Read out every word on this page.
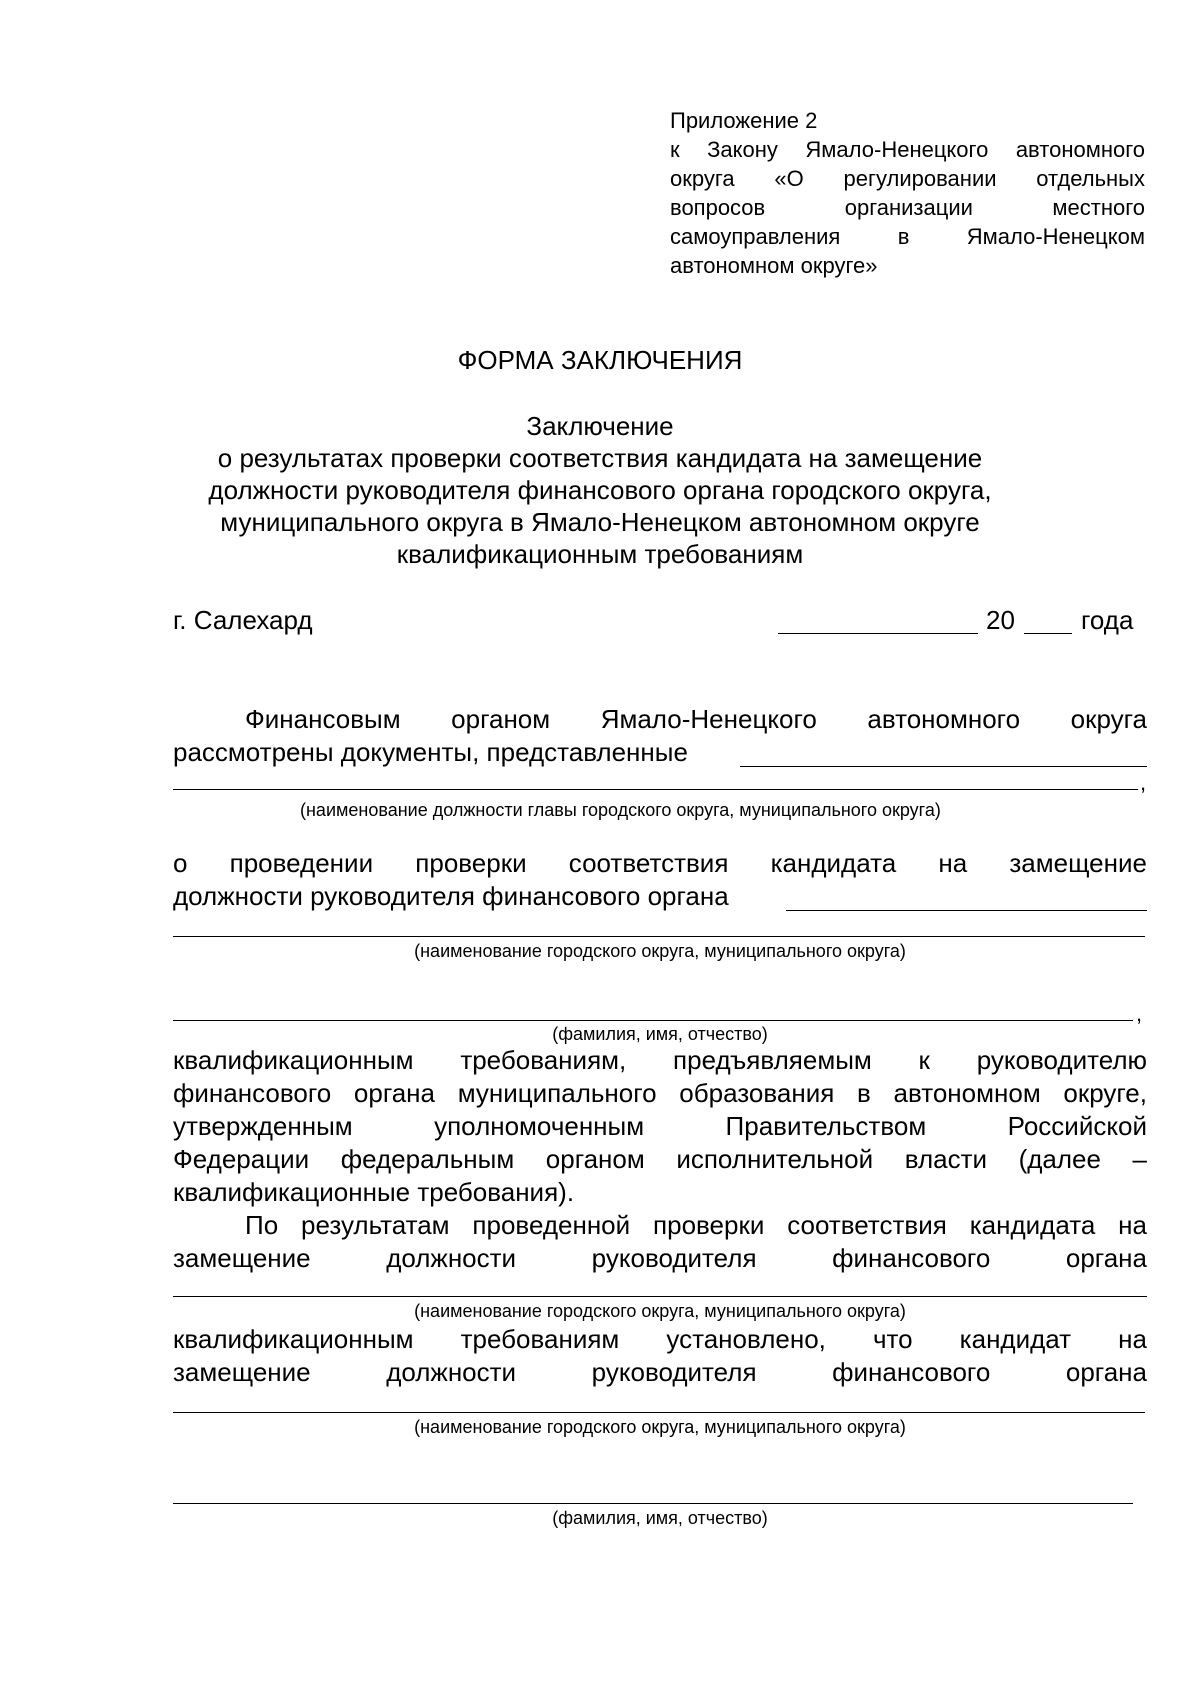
Приложение 2
к Закону Ямало-Ненецкого автономного
округа «О регулировании отдельных
вопросов организации местного
самоуправления в Ямало-Ненецком
автономном округе»
ФОРМА ЗАКЛЮЧЕНИЯ
Заключение
о результатах проверки соответствия кандидата на замещение
должности руководителя финансового органа городского округа,
муниципального округа в Ямало-Ненецком автономном округе
квалификационным требованиям
г. Салехард	20	года
Финансовым органом Ямало-Ненецкого автономного округа
рассмотрены документы, представленные
,
(наименование должности главы городского округа, муниципального округа)
о проведении проверки соответствия кандидата на замещение
должности руководителя финансового органа
(наименование городского округа, муниципального округа)
,
(фамилия, имя, отчество)
квалификационным требованиям, предъявляемым к руководителю
финансового органа муниципального образования в автономном округе,
утвержденным уполномоченным Правительством Российской
Федерации федеральным органом исполнительной власти (далее –
квалификационные требования).
По результатам проведенной проверки соответствия кандидата на
замещение должности руководителя финансового органа
(наименование городского округа, муниципального округа)
квалификационным требованиям установлено, что кандидат на
замещение должности руководителя финансового органа
(наименование городского округа, муниципального округа)
(фамилия, имя, отчество)
